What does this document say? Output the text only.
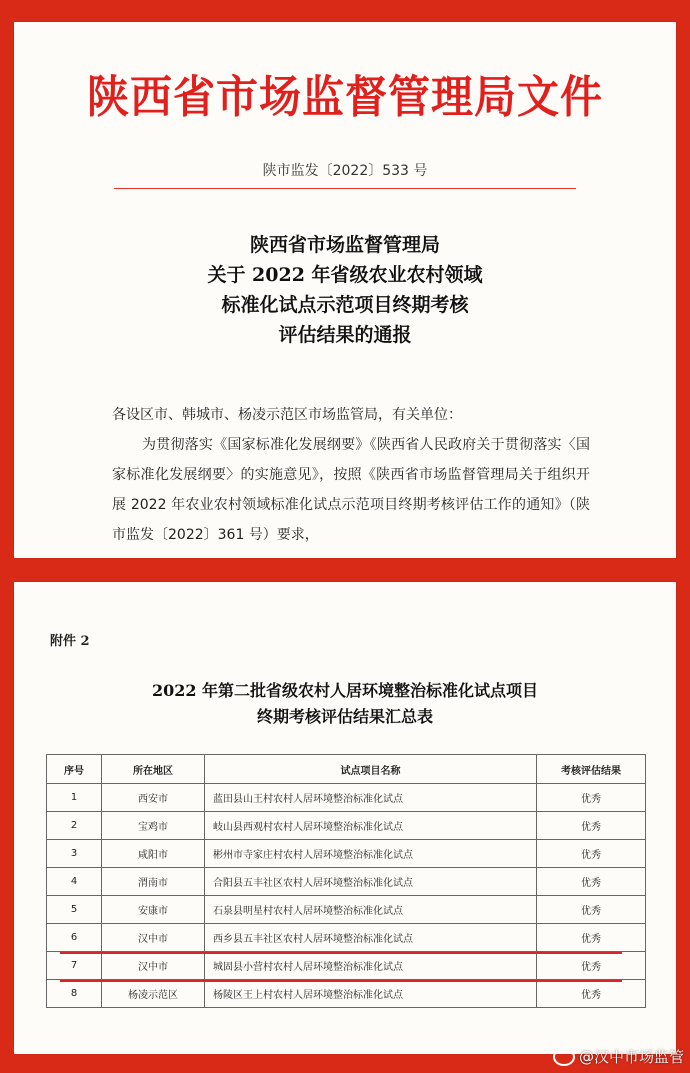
陕西省市场监督管理局文件
陕市监发〔2022〕533 号
陕西省市场监督管理局
关于 2022 年省级农业农村领域
标准化试点示范项目终期考核
评估结果的通报

各设区市、韩城市、杨凌示范区市场监管局，有关单位：

为贯彻落实《国家标准化发展纲要》《陕西省人民政府关于贯彻落实〈国家标准化发展纲要〉的实施意见》，按照《陕西省市场监督管理局关于组织开展 2022 年农业农村领域标准化试点示范项目终期考核评估工作的通知》（陕市监发〔2022〕361 号）要求，

附件 2
2022 年第二批省级农村人居环境整治标准化试点项目
终期考核评估结果汇总表
序号	所在地区	试点项目名称	考核评估结果
1	西安市	蓝田县山王村农村人居环境整治标准化试点	优秀
2	宝鸡市	岐山县西观村农村人居环境整治标准化试点	优秀
3	咸阳市	彬州市寺家庄村农村人居环境整治标准化试点	优秀
4	渭南市	合阳县五丰社区农村人居环境整治标准化试点	优秀
5	安康市	石泉县明星村农村人居环境整治标准化试点	优秀
6	汉中市	西乡县五丰社区农村人居环境整治标准化试点	优秀
7	汉中市	城固县小营村农村人居环境整治标准化试点	优秀
8	杨凌示范区	杨陵区王上村农村人居环境整治标准化试点	优秀
@汉中市场监管
